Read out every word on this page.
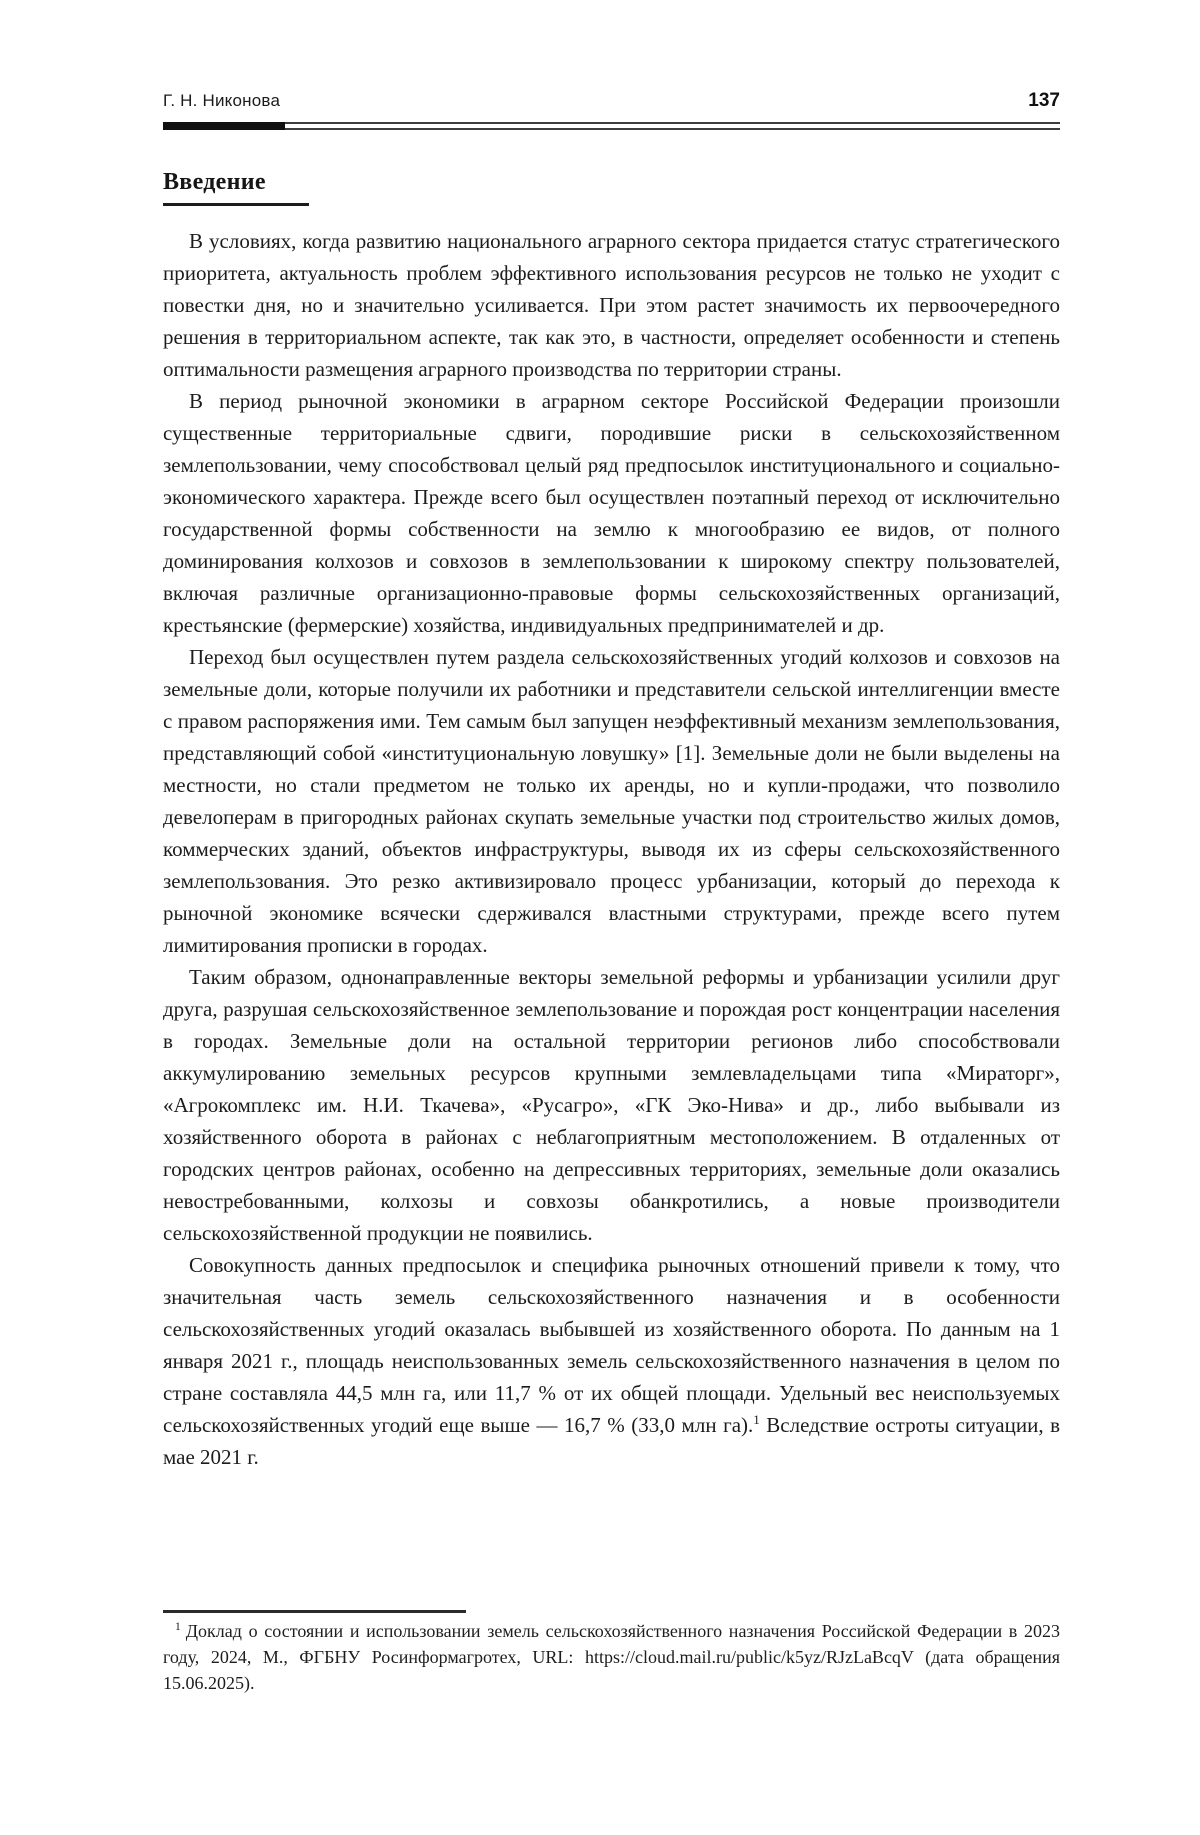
Г. Н. Никонова	137
Введение

В условиях, когда развитию национального аграрного сектора придается статус стратегического приоритета, актуальность проблем эффективного использования ресурсов не только не уходит с повестки дня, но и значительно усиливается. При этом растет значимость их первоочередного решения в территориальном аспекте, так как это, в частности, определяет особенности и степень оптимальности размещения аграрного производства по территории страны.

В период рыночной экономики в аграрном секторе Российской Федерации произошли существенные территориальные сдвиги, породившие риски в сельскохозяйственном землепользовании, чему способствовал целый ряд предпосылок институционального и социально-экономического характера. Прежде всего был осуществлен поэтапный переход от исключительно государственной формы собственности на землю к многообразию ее видов, от полного доминирования колхозов и совхозов в землепользовании к широкому спектру пользователей, включая различные организационно-правовые формы сельскохозяйственных организаций, крестьянские (фермерские) хозяйства, индивидуальных предпринимателей и др.

Переход был осуществлен путем раздела сельскохозяйственных угодий колхозов и совхозов на земельные доли, которые получили их работники и представители сельской интеллигенции вместе с правом распоряжения ими. Тем самым был запущен неэффективный механизм землепользования, представляющий собой «институциональную ловушку» [1]. Земельные доли не были выделены на местности, но стали предметом не только их аренды, но и купли-продажи, что позволило девелоперам в пригородных районах скупать земельные участки под строительство жилых домов, коммерческих зданий, объектов инфраструктуры, выводя их из сферы сельскохозяйственного землепользования. Это резко активизировало процесс урбанизации, который до перехода к рыночной экономике всячески сдерживался властными структурами, прежде всего путем лимитирования прописки в городах.

Таким образом, однонаправленные векторы земельной реформы и урбанизации усилили друг друга, разрушая сельскохозяйственное землепользование и порождая рост концентрации населения в городах. Земельные доли на остальной территории регионов либо способствовали аккумулированию земельных ресурсов крупными землевладельцами типа «Мираторг», «Агрокомплекс им. Н.И. Ткачева», «Русагро», «ГК Эко-Нива» и др., либо выбывали из хозяйственного оборота в районах с неблагоприятным местоположением. В отдаленных от городских центров районах, особенно на депрессивных территориях, земельные доли оказались невостребованными, колхозы и совхозы обанкротились, а новые производители сельскохозяйственной продукции не появились.

Совокупность данных предпосылок и специфика рыночных отношений привели к тому, что значительная часть земель сельскохозяйственного назначения и в особенности сельскохозяйственных угодий оказалась выбывшей из хозяйственного оборота. По данным на 1 января 2021 г., площадь неиспользованных земель сельскохозяйственного назначения в целом по стране составляла 44,5 млн га, или 11,7 % от их общей площади. Удельный вес неиспользуемых сельскохозяйственных угодий еще выше — 16,7 % (33,0 млн га).$^1$ Вследствие остроты ситуации, в мае 2021 г.

$^1$ Доклад о состоянии и использовании земель сельскохозяйственного назначения Российской Федерации в 2023 году, 2024, М., ФГБНУ Росинформагротех, URL: https://cloud.mail.ru/public/k5yz/RJzLaBcqV (дата обращения 15.06.2025).
